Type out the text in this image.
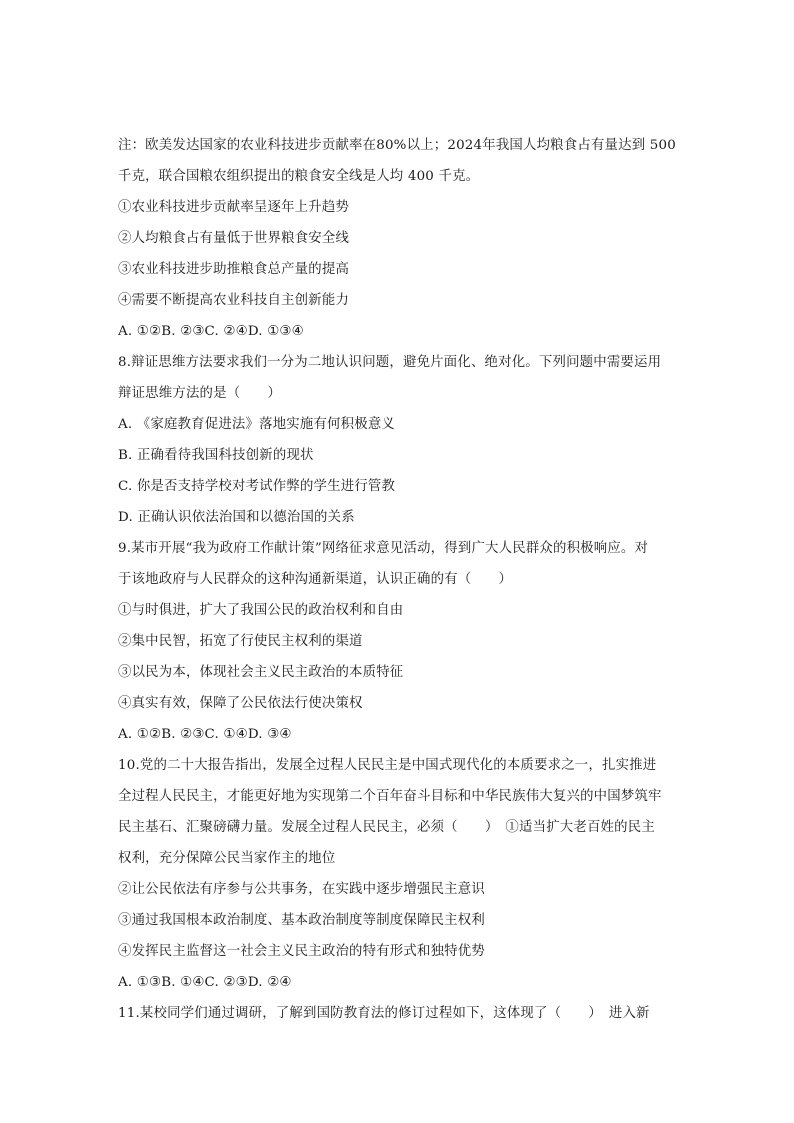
注：欧美发达国家的农业科技进步贡献率在80%以上；2024年我国人均粮食占有量达到 500
千克，联合国粮农组织提出的粮食安全线是人均 400 千克。
①农业科技进步贡献率呈逐年上升趋势
②人均粮食占有量低于世界粮食安全线
③农业科技进步助推粮食总产量的提高
④需要不断提高农业科技自主创新能力
A. ①②B. ②③C. ②④D. ①③④
8.辩证思维方法要求我们一分为二地认识问题，避免片面化、绝对化。下列问题中需要运用
辩证思维方法的是（　　）
A. 《家庭教育促进法》落地实施有何积极意义
B. 正确看待我国科技创新的现状
C. 你是否支持学校对考试作弊的学生进行管教
D. 正确认识依法治国和以德治国的关系
9.某市开展“我为政府工作献计策”网络征求意见活动，得到广大人民群众的积极响应。对
于该地政府与人民群众的这种沟通新渠道，认识正确的有（　　）
①与时俱进，扩大了我国公民的政治权利和自由
②集中民智，拓宽了行使民主权利的渠道
③以民为本，体现社会主义民主政治的本质特征
④真实有效，保障了公民依法行使决策权
A. ①②B. ②③C. ①④D. ③④
10.党的二十大报告指出，发展全过程人民民主是中国式现代化的本质要求之一，扎实推进
全过程人民民主，才能更好地为实现第二个百年奋斗目标和中华民族伟大复兴的中国梦筑牢
民主基石、汇聚磅礴力量。发展全过程人民民主，必须（　　）　①适当扩大老百姓的民主
权利，充分保障公民当家作主的地位
②让公民依法有序参与公共事务，在实践中逐步增强民主意识
③通过我国根本政治制度、基本政治制度等制度保障民主权利
④发挥民主监督这一社会主义民主政治的特有形式和独特优势
A. ①③B. ①④C. ②③D. ②④
11.某校同学们通过调研，了解到国防教育法的修订过程如下，这体现了（　　）　进入新
